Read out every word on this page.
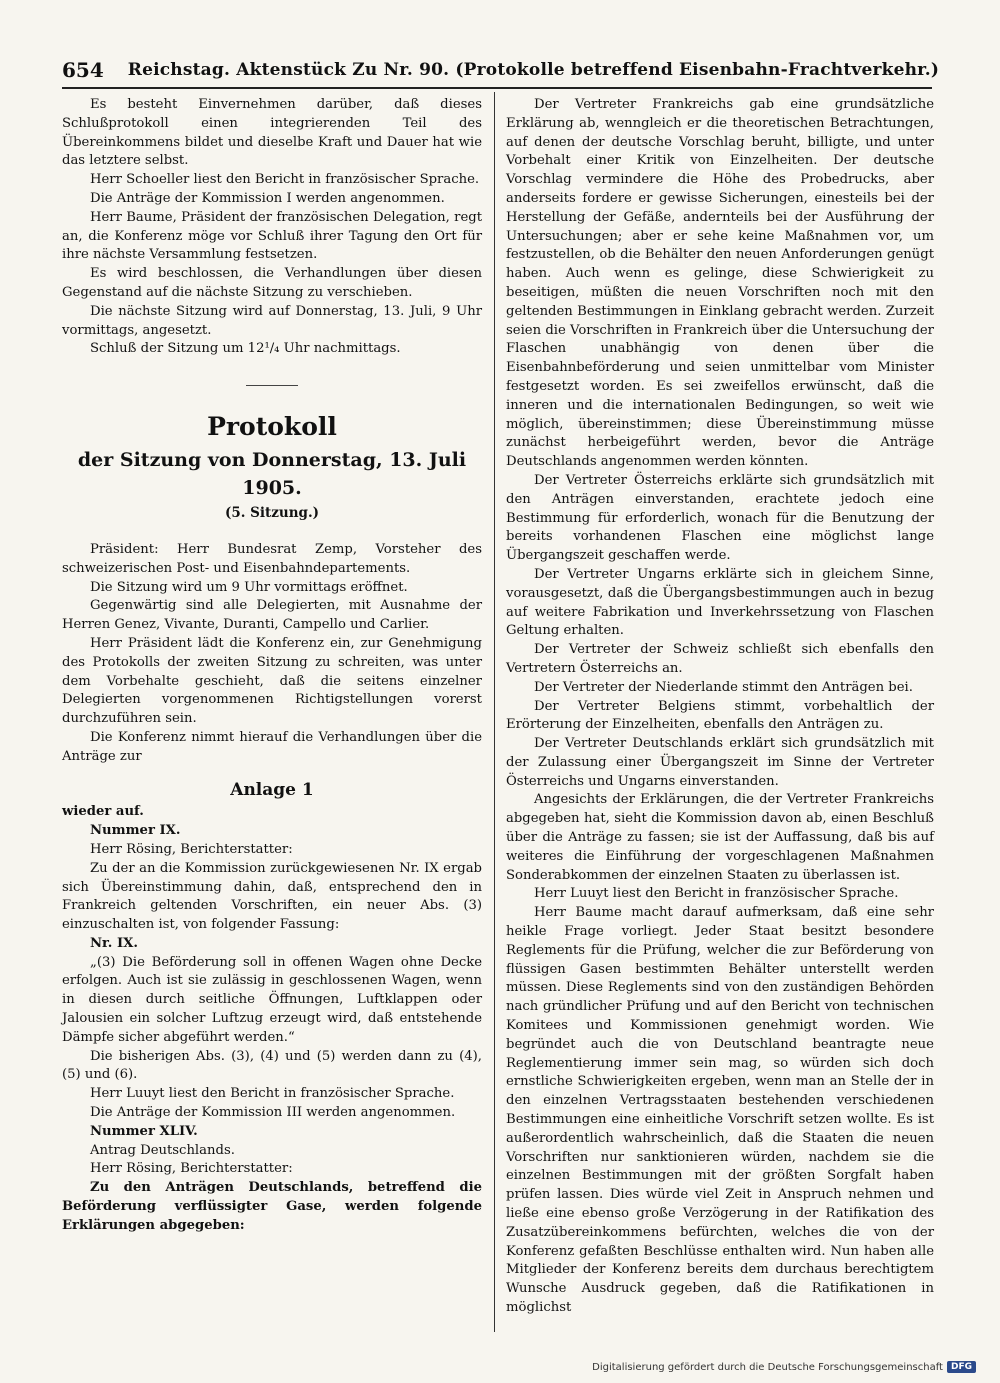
654 Reichstag. Aktenstück Zu Nr. 90. (Protokolle betreffend Eisenbahn-Frachtverkehr.)

Es besteht Einvernehmen darüber, daß dieses Schlußprotokoll einen integrierenden Teil des Übereinkommens bildet und dieselbe Kraft und Dauer hat wie das letztere selbst.

Herr Schoeller liest den Bericht in französischer Sprache.

Die Anträge der Kommission I werden angenommen.

Herr Baume, Präsident der französischen Delegation, regt an, die Konferenz möge vor Schluß ihrer Tagung den Ort für ihre nächste Versammlung festsetzen.

Es wird beschlossen, die Verhandlungen über diesen Gegenstand auf die nächste Sitzung zu verschieben.

Die nächste Sitzung wird auf Donnerstag, 13. Juli, 9 Uhr vormittags, angesetzt.

Schluß der Sitzung um 12¹/₄ Uhr nachmittags.

Protokoll
der Sitzung von Donnerstag, 13. Juli 1905.
(5. Sitzung.)

Präsident: Herr Bundesrat Zemp, Vorsteher des schweizerischen Post- und Eisenbahndepartements.

Die Sitzung wird um 9 Uhr vormittags eröffnet.

Gegenwärtig sind alle Delegierten, mit Ausnahme der Herren Genez, Vivante, Duranti, Campello und Carlier.

Herr Präsident lädt die Konferenz ein, zur Genehmigung des Protokolls der zweiten Sitzung zu schreiten, was unter dem Vorbehalte geschieht, daß die seitens einzelner Delegierten vorgenommenen Richtigstellungen vorerst durchzuführen sein.

Die Konferenz nimmt hierauf die Verhandlungen über die Anträge zur

Anlage 1

wieder auf.

Nummer IX.

Herr Rösing, Berichterstatter:

Zu der an die Kommission zurückgewiesenen Nr. IX ergab sich Übereinstimmung dahin, daß, entsprechend den in Frankreich geltenden Vorschriften, ein neuer Abs. (3) einzuschalten ist, von folgender Fassung:

Nr. IX.

„(3) Die Beförderung soll in offenen Wagen ohne Decke erfolgen. Auch ist sie zulässig in geschlossenen Wagen, wenn in diesen durch seitliche Öffnungen, Luftklappen oder Jalousien ein solcher Luftzug erzeugt wird, daß entstehende Dämpfe sicher abgeführt werden.“

Die bisherigen Abs. (3), (4) und (5) werden dann zu (4), (5) und (6).

Herr Luuyt liest den Bericht in französischer Sprache.

Die Anträge der Kommission III werden angenommen.

Nummer XLIV.

Antrag Deutschlands.

Herr Rösing, Berichterstatter:

Zu den Anträgen Deutschlands, betreffend die Beförderung verflüssigter Gase, werden folgende Erklärungen abgegeben:

Der Vertreter Frankreichs gab eine grundsätzliche Erklärung ab, wenngleich er die theoretischen Betrachtungen, auf denen der deutsche Vorschlag beruht, billigte, und unter Vorbehalt einer Kritik von Einzelheiten. Der deutsche Vorschlag vermindere die Höhe des Probedrucks, aber anderseits fordere er gewisse Sicherungen, einesteils bei der Herstellung der Gefäße, andernteils bei der Ausführung der Untersuchungen; aber er sehe keine Maßnahmen vor, um festzustellen, ob die Behälter den neuen Anforderungen genügt haben. Auch wenn es gelinge, diese Schwierigkeit zu beseitigen, müßten die neuen Vorschriften noch mit den geltenden Bestimmungen in Einklang gebracht werden. Zurzeit seien die Vorschriften in Frankreich über die Untersuchung der Flaschen unabhängig von denen über die Eisenbahnbeförderung und seien unmittelbar vom Minister festgesetzt worden. Es sei zweifellos erwünscht, daß die inneren und die internationalen Bedingungen, so weit wie möglich, übereinstimmen; diese Übereinstimmung müsse zunächst herbeigeführt werden, bevor die Anträge Deutschlands angenommen werden könnten.

Der Vertreter Österreichs erklärte sich grundsätzlich mit den Anträgen einverstanden, erachtete jedoch eine Bestimmung für erforderlich, wonach für die Benutzung der bereits vorhandenen Flaschen eine möglichst lange Übergangszeit geschaffen werde.

Der Vertreter Ungarns erklärte sich in gleichem Sinne, vorausgesetzt, daß die Übergangsbestimmungen auch in bezug auf weitere Fabrikation und Inverkehrssetzung von Flaschen Geltung erhalten.

Der Vertreter der Schweiz schließt sich ebenfalls den Vertretern Österreichs an.

Der Vertreter der Niederlande stimmt den Anträgen bei.

Der Vertreter Belgiens stimmt, vorbehaltlich der Erörterung der Einzelheiten, ebenfalls den Anträgen zu.

Der Vertreter Deutschlands erklärt sich grundsätzlich mit der Zulassung einer Übergangszeit im Sinne der Vertreter Österreichs und Ungarns einverstanden.

Angesichts der Erklärungen, die der Vertreter Frankreichs abgegeben hat, sieht die Kommission davon ab, einen Beschluß über die Anträge zu fassen; sie ist der Auffassung, daß bis auf weiteres die Einführung der vorgeschlagenen Maßnahmen Sonderabkommen der einzelnen Staaten zu überlassen ist.

Herr Luuyt liest den Bericht in französischer Sprache.

Herr Baume macht darauf aufmerksam, daß eine sehr heikle Frage vorliegt. Jeder Staat besitzt besondere Reglements für die Prüfung, welcher die zur Beförderung von flüssigen Gasen bestimmten Behälter unterstellt werden müssen. Diese Reglements sind von den zuständigen Behörden nach gründlicher Prüfung und auf den Bericht von technischen Komitees und Kommissionen genehmigt worden. Wie begründet auch die von Deutschland beantragte neue Reglementierung immer sein mag, so würden sich doch ernstliche Schwierigkeiten ergeben, wenn man an Stelle der in den einzelnen Vertragsstaaten bestehenden verschiedenen Bestimmungen eine einheitliche Vorschrift setzen wollte. Es ist außerordentlich wahrscheinlich, daß die Staaten die neuen Vorschriften nur sanktionieren würden, nachdem sie die einzelnen Bestimmungen mit der größten Sorgfalt haben prüfen lassen. Dies würde viel Zeit in Anspruch nehmen und ließe eine ebenso große Verzögerung in der Ratifikation des Zusatzübereinkommens befürchten, welches die von der Konferenz gefaßten Beschlüsse enthalten wird. Nun haben alle Mitglieder der Konferenz bereits dem durchaus berechtigtem Wunsche Ausdruck gegeben, daß die Ratifikationen in möglichst

Digitalisierung gefördert durch die Deutsche Forschungsgemeinschaft DFG
